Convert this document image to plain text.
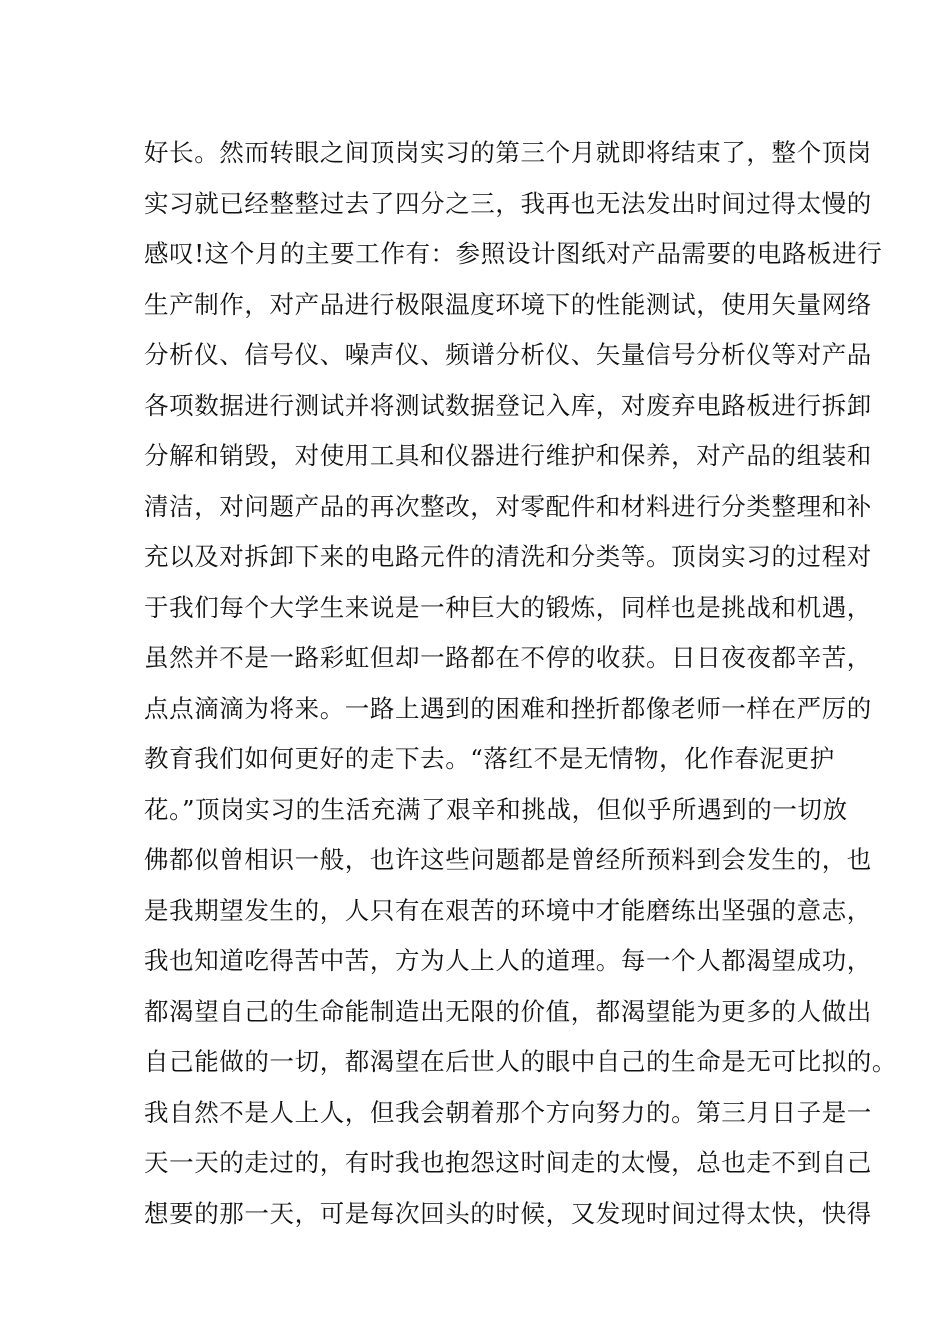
好长。然而转眼之间顶岗实习的第三个月就即将结束了，整个顶岗
实习就已经整整过去了四分之三，我再也无法发出时间过得太慢的
感叹!这个月的主要工作有：参照设计图纸对产品需要的电路板进行
生产制作，对产品进行极限温度环境下的性能测试，使用矢量网络
分析仪、信号仪、噪声仪、频谱分析仪、矢量信号分析仪等对产品
各项数据进行测试并将测试数据登记入库，对废弃电路板进行拆卸
分解和销毁，对使用工具和仪器进行维护和保养，对产品的组装和
清洁，对问题产品的再次整改，对零配件和材料进行分类整理和补
充以及对拆卸下来的电路元件的清洗和分类等。顶岗实习的过程对
于我们每个大学生来说是一种巨大的锻炼，同样也是挑战和机遇，
虽然并不是一路彩虹但却一路都在不停的收获。日日夜夜都辛苦，
点点滴滴为将来。一路上遇到的困难和挫折都像老师一样在严厉的
教育我们如何更好的走下去。“落红不是无情物，化作春泥更护
花。”顶岗实习的生活充满了艰辛和挑战，但似乎所遇到的一切放
佛都似曾相识一般，也许这些问题都是曾经所预料到会发生的，也
是我期望发生的，人只有在艰苦的环境中才能磨练出坚强的意志，
我也知道吃得苦中苦，方为人上人的道理。每一个人都渴望成功，
都渴望自己的生命能制造出无限的价值，都渴望能为更多的人做出
自己能做的一切，都渴望在后世人的眼中自己的生命是无可比拟的。
我自然不是人上人，但我会朝着那个方向努力的。第三月日子是一
天一天的走过的，有时我也抱怨这时间走的太慢，总也走不到自己
想要的那一天，可是每次回头的时候，又发现时间过得太快，快得
